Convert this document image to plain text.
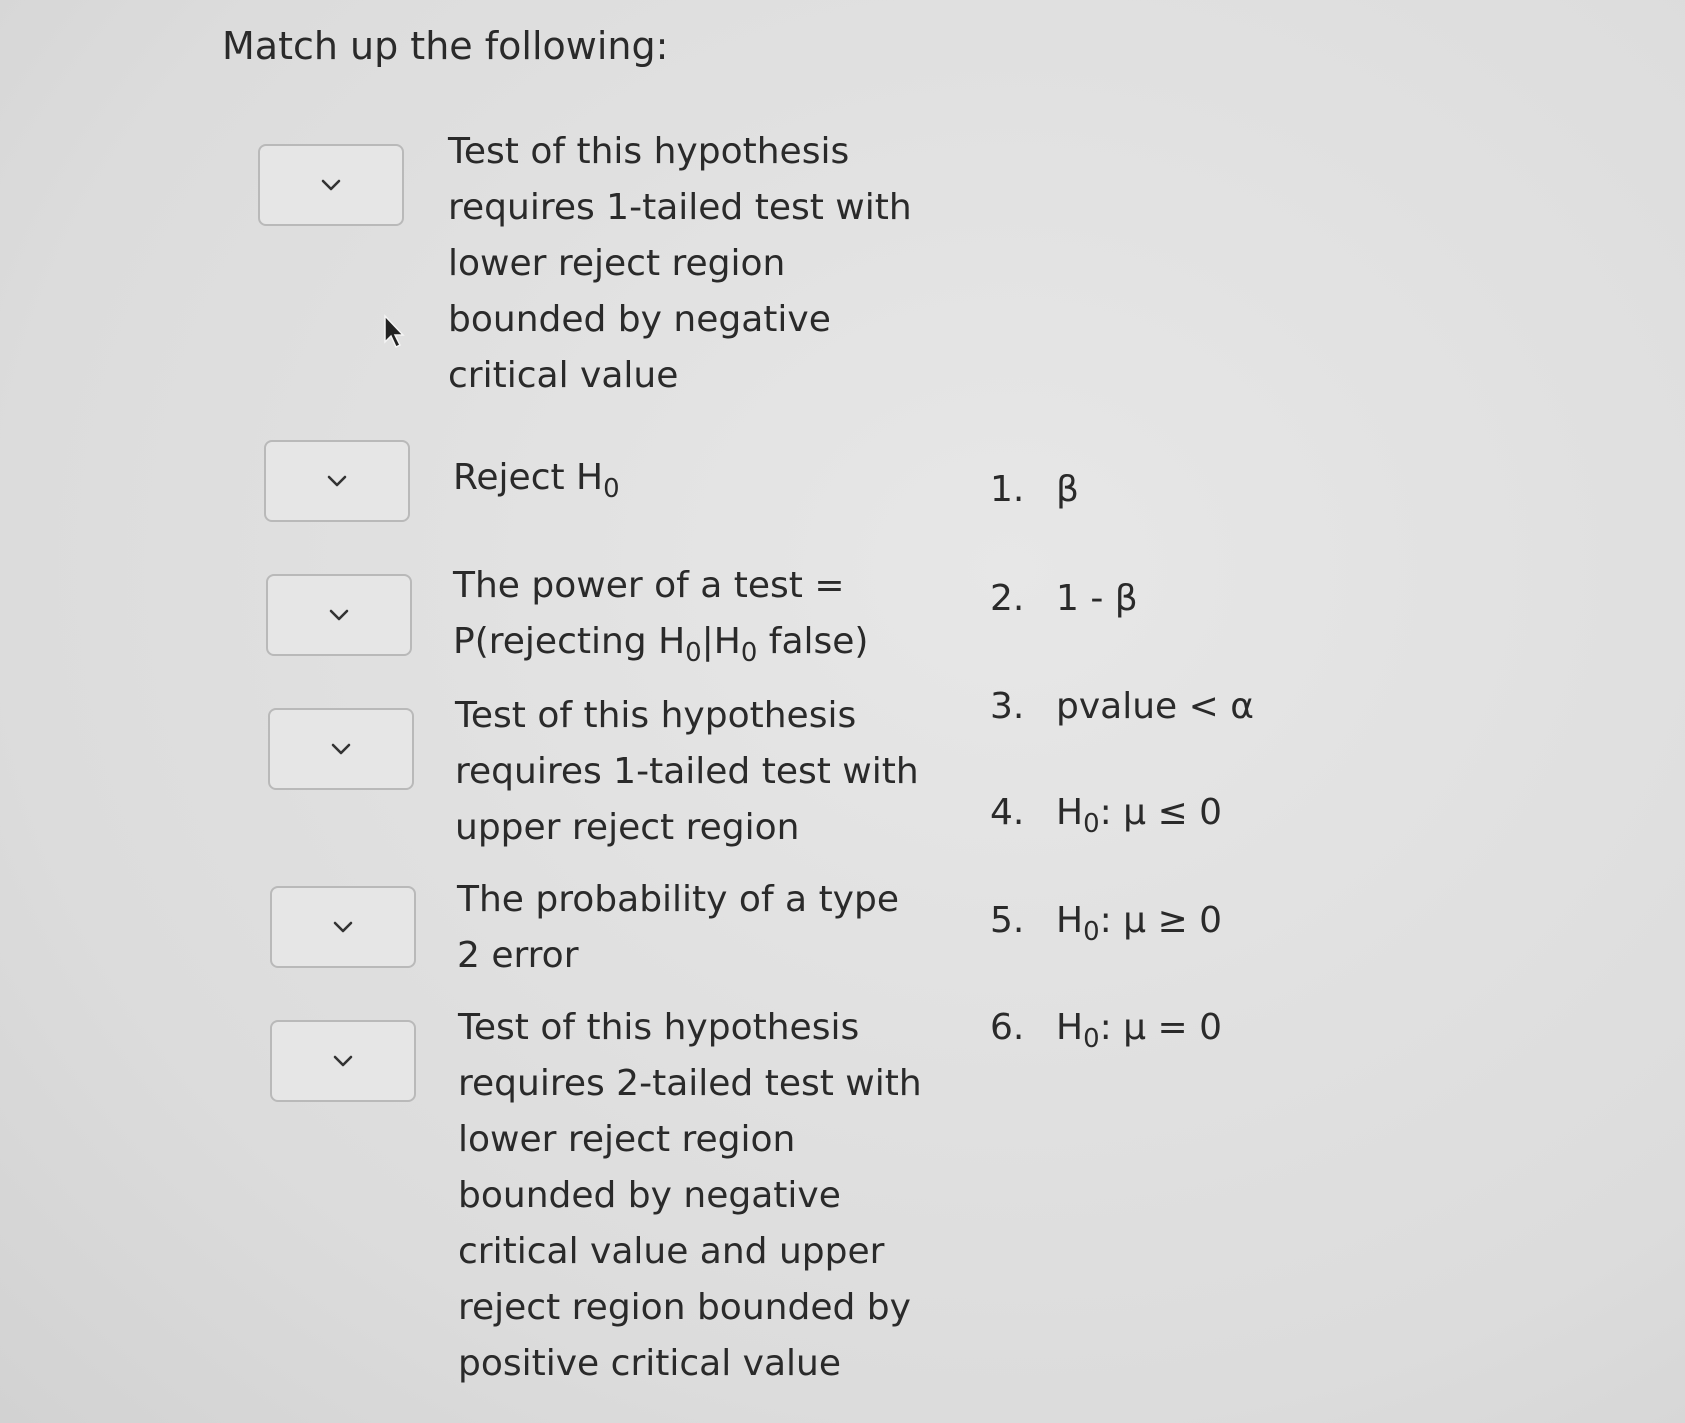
Match up the following:
Test of this hypothesis requires 1-tailed test with lower reject region bounded by negative critical value
Reject $H_0$
The power of a test = P(rejecting $H_0|H_0$ false)
Test of this hypothesis requires 1-tailed test with upper reject region
The probability of a type 2 error
Test of this hypothesis requires 2-tailed test with lower reject region bounded by negative critical value and upper reject region bounded by positive critical value
1. β
2. 1 - β
3. pvalue < α
4. $H_0$: μ ≤ 0
5. $H_0$: μ ≥ 0
6. $H_0$: μ = 0
